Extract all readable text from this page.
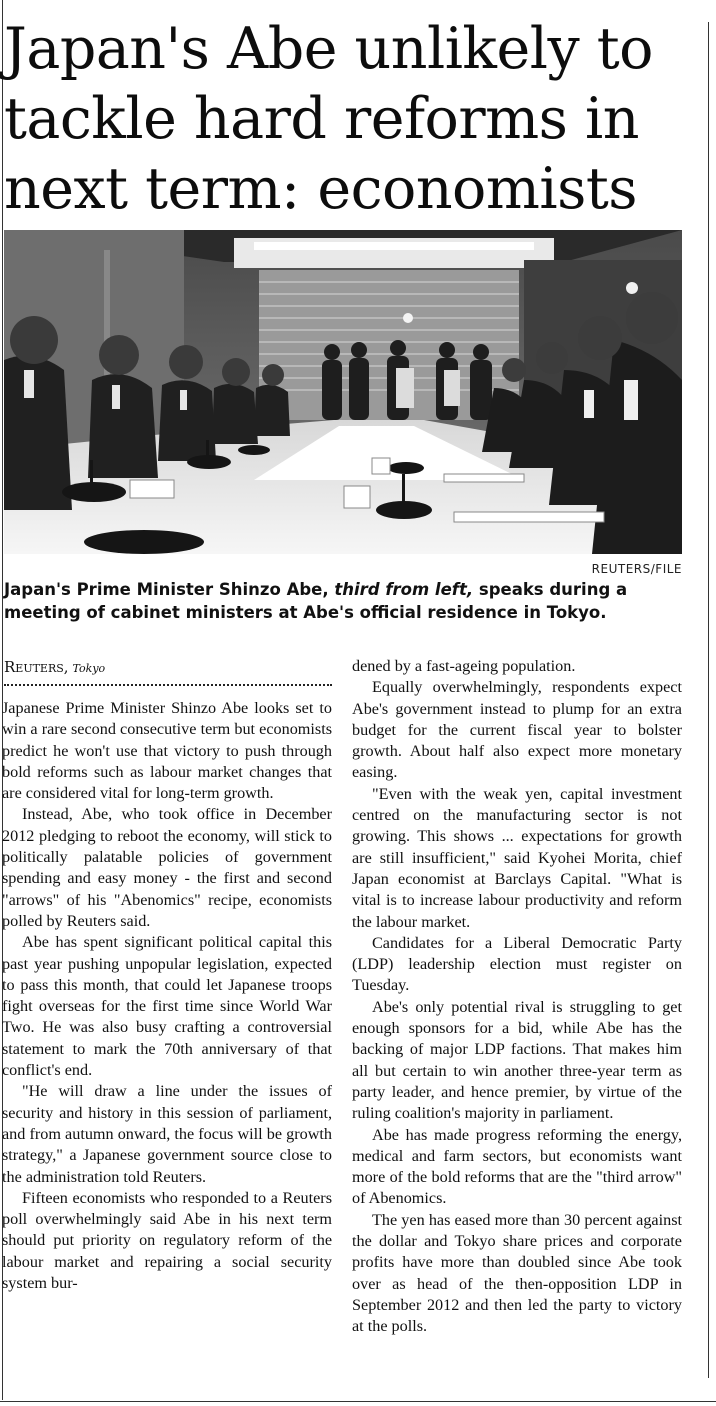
Japan's Abe unlikely to tackle hard reforms in next term: economists
REUTERS/FILE

Japan's Prime Minister Shinzo Abe, third from left, speaks during a meeting of cabinet ministers at Abe's official residence in Tokyo.

Reuters, Tokyo

Japanese Prime Minister Shinzo Abe looks set to win a rare second consecutive term but economists predict he won't use that victory to push through bold reforms such as labour market changes that are considered vital for long-term growth.

Instead, Abe, who took office in December 2012 pledging to reboot the economy, will stick to politically palatable policies of government spending and easy money - the first and second "arrows" of his "Abenomics" recipe, economists polled by Reuters said.

Abe has spent significant political capital this past year pushing unpopular legislation, expected to pass this month, that could let Japanese troops fight overseas for the first time since World War Two. He was also busy crafting a controversial statement to mark the 70th anniversary of that conflict's end.

"He will draw a line under the issues of security and history in this session of parliament, and from autumn onward, the focus will be growth strategy," a Japanese government source close to the administration told Reuters.

Fifteen economists who responded to a Reuters poll overwhelmingly said Abe in his next term should put priority on regulatory reform of the labour market and repairing a social security system bur-

dened by a fast-ageing population.

Equally overwhelmingly, respondents expect Abe's government instead to plump for an extra budget for the current fiscal year to bolster growth. About half also expect more monetary easing.

"Even with the weak yen, capital investment centred on the manufacturing sector is not growing. This shows ... expectations for growth are still insufficient," said Kyohei Morita, chief Japan economist at Barclays Capital. "What is vital is to increase labour productivity and reform the labour market.

Candidates for a Liberal Democratic Party (LDP) leadership election must register on Tuesday.

Abe's only potential rival is struggling to get enough sponsors for a bid, while Abe has the backing of major LDP factions. That makes him all but certain to win another three-year term as party leader, and hence premier, by virtue of the ruling coalition's majority in parliament.

Abe has made progress reforming the energy, medical and farm sectors, but economists want more of the bold reforms that are the "third arrow" of Abenomics.

The yen has eased more than 30 percent against the dollar and Tokyo share prices and corporate profits have more than doubled since Abe took over as head of the then-opposition LDP in September 2012 and then led the party to victory at the polls.
